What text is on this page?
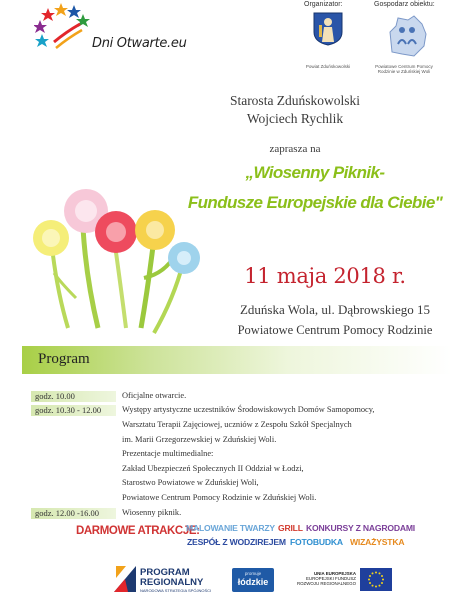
Dni Otwarte.eu
Organizator:	Gospodarz obiektu:
Powiat Zduńskowolski	Powiatowe Centrum Pomocy Rodzinie w Zduńskiej Woli
Starosta Zduńskowolski
Wojciech Rychlik
zaprasza na
„Wiosenny Piknik-
Fundusze Europejskie dla Ciebie"
11 maja 2018 r.
Zduńska Wola, ul. Dąbrowskiego 15
Powiatowe Centrum Pomocy Rodzinie
Program
godz. 10.00
godz. 10.30 - 12.00
godz. 12.00 -16.00
Oficjalne otwarcie.
Występy artystyczne uczestników Środowiskowych Domów Samopomocy,
Warsztatu Terapii Zajęciowej, uczniów z Zespołu Szkół Specjalnych
im. Marii Grzegorzewskiej w Zduńskiej Woli.
Prezentacje multimedialne:
Zakład Ubezpieczeń Społecznych II Oddział w Łodzi,
Starostwo Powiatowe w Zduńskiej Woli,
Powiatowe Centrum Pomocy Rodzinie w Zduńskiej Woli.
Wiosenny piknik.
DARMOWE ATRAKCJE:
MALOWANIE TWARZY GRILL KONKURSY Z NAGRODAMI
ZESPÓŁ Z WODZIREJEM FOTOBUDKA WIZAŻYSTKA
PROGRAM
REGIONALNY
NARODOWA STRATEGIA SPÓJNOŚCI
promuje
łódzkie
UNIA EUROPEJSKA
EUROPEJSKI FUNDUSZ
ROZWOJU REGIONALNEGO
